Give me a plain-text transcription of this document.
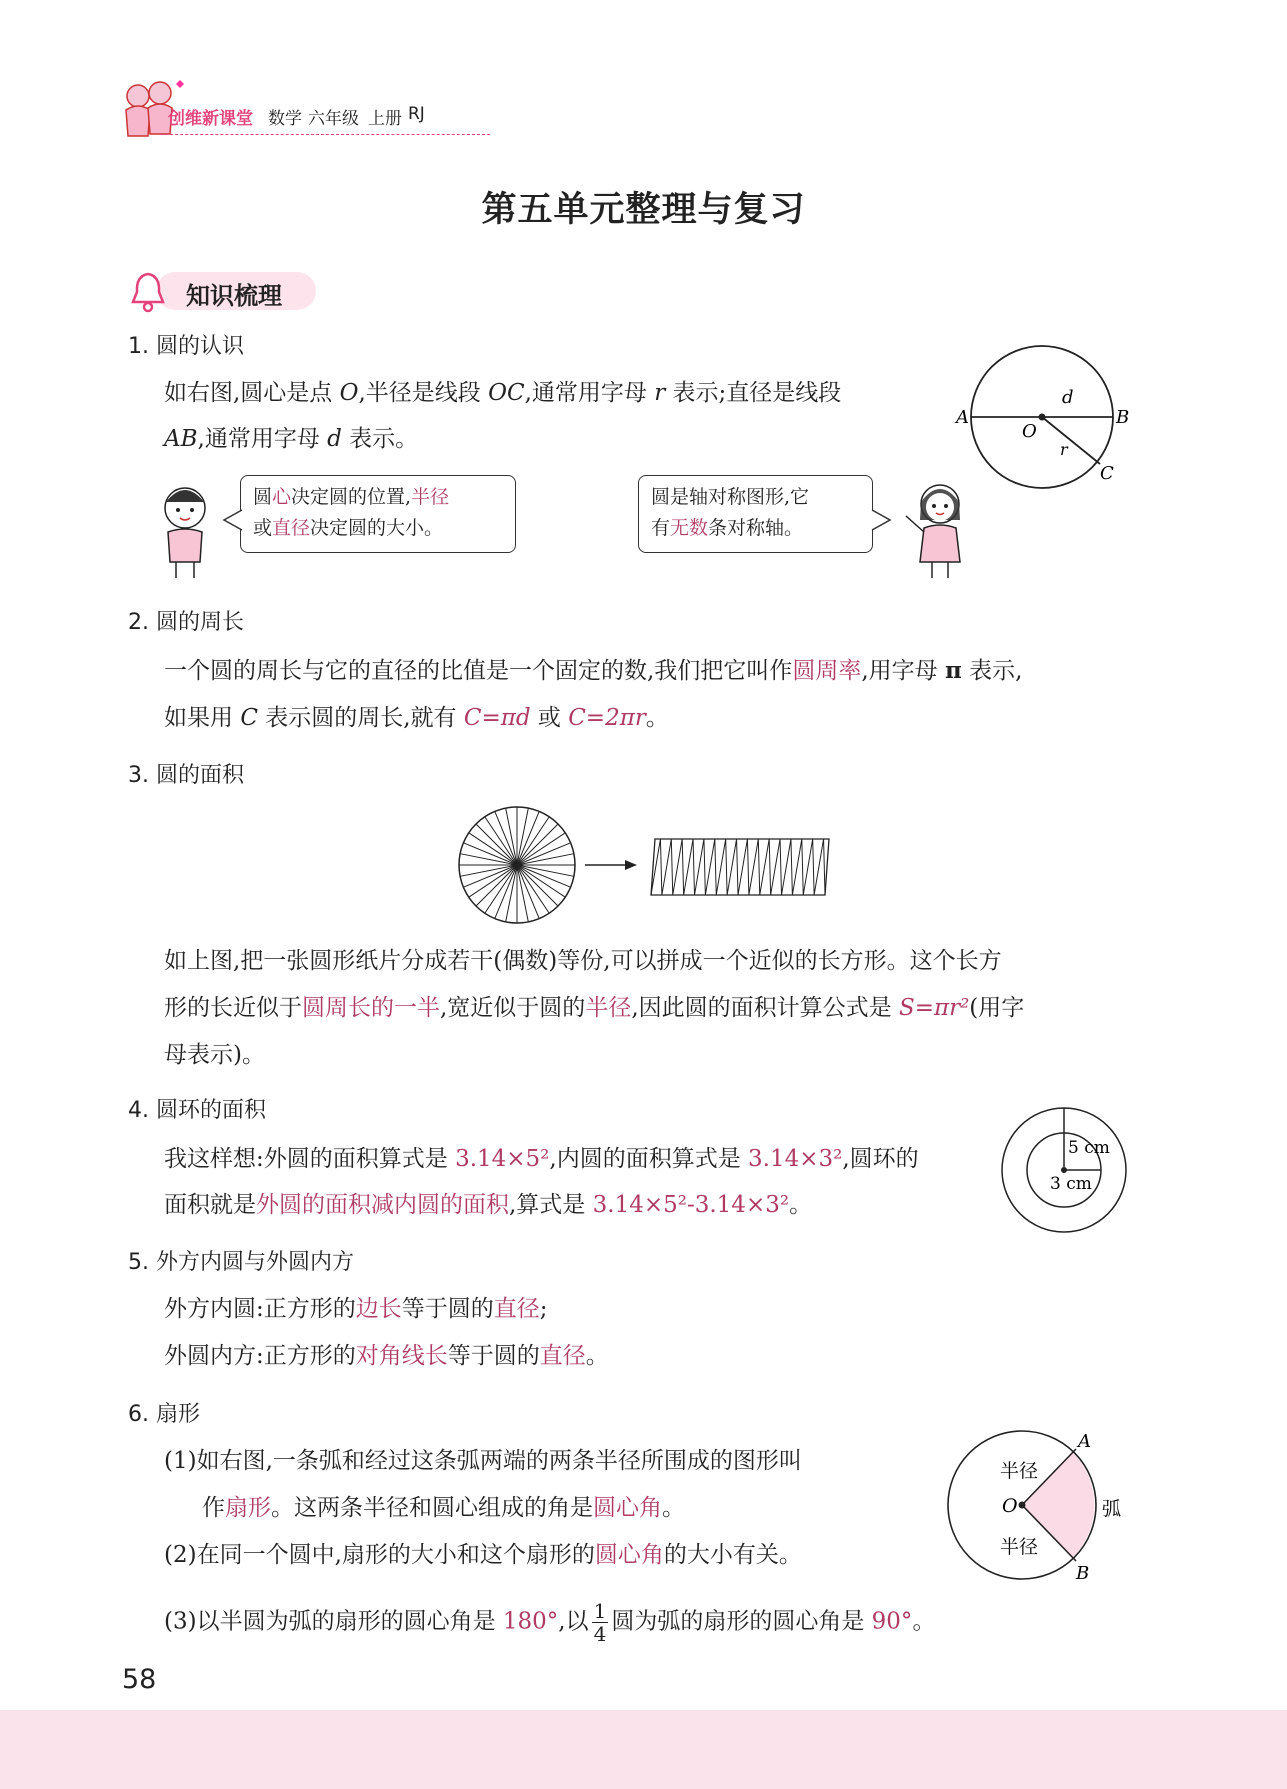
创维新课堂 数学 六年级 上册 RJ
第五单元整理与复习
知识梳理
1. 圆的认识
如右图,圆心是点 O,半径是线段 OC,通常用字母 r 表示;直径是线段
AB,通常用字母 d 表示。
A	B
C
O
d
r
圆心决定圆的位置,半径
或直径决定圆的大小。
圆是轴对称图形,它
有无数条对称轴。
2. 圆的周长
一个圆的周长与它的直径的比值是一个固定的数,我们把它叫作圆周率,用字母 π 表示,
如果用 C 表示圆的周长,就有 C=πd 或 C=2πr。
3. 圆的面积
如上图,把一张圆形纸片分成若干(偶数)等份,可以拼成一个近似的长方形。这个长方
形的长近似于圆周长的一半,宽近似于圆的半径,因此圆的面积计算公式是 S=πr²(用字
母表示)。
4. 圆环的面积
我这样想:外圆的面积算式是 3.14×5²,内圆的面积算式是 3.14×3²,圆环的
面积就是外圆的面积减内圆的面积,算式是 3.14×5²-3.14×3²。
5 cm
3 cm
5. 外方内圆与外圆内方
外方内圆:正方形的边长等于圆的直径;
外圆内方:正方形的对角线长等于圆的直径。
6. 扇形
(1)如右图,一条弧和经过这条弧两端的两条半径所围成的图形叫
作扇形。这两条半径和圆心组成的角是圆心角。
(2)在同一个圆中,扇形的大小和这个扇形的圆心角的大小有关。
(3)以半圆为弧的扇形的圆心角是 180°,以 $\frac{1}{4}$ 圆为弧的扇形的圆心角是 90°。
半径
半径
弧
O
A
B
58
